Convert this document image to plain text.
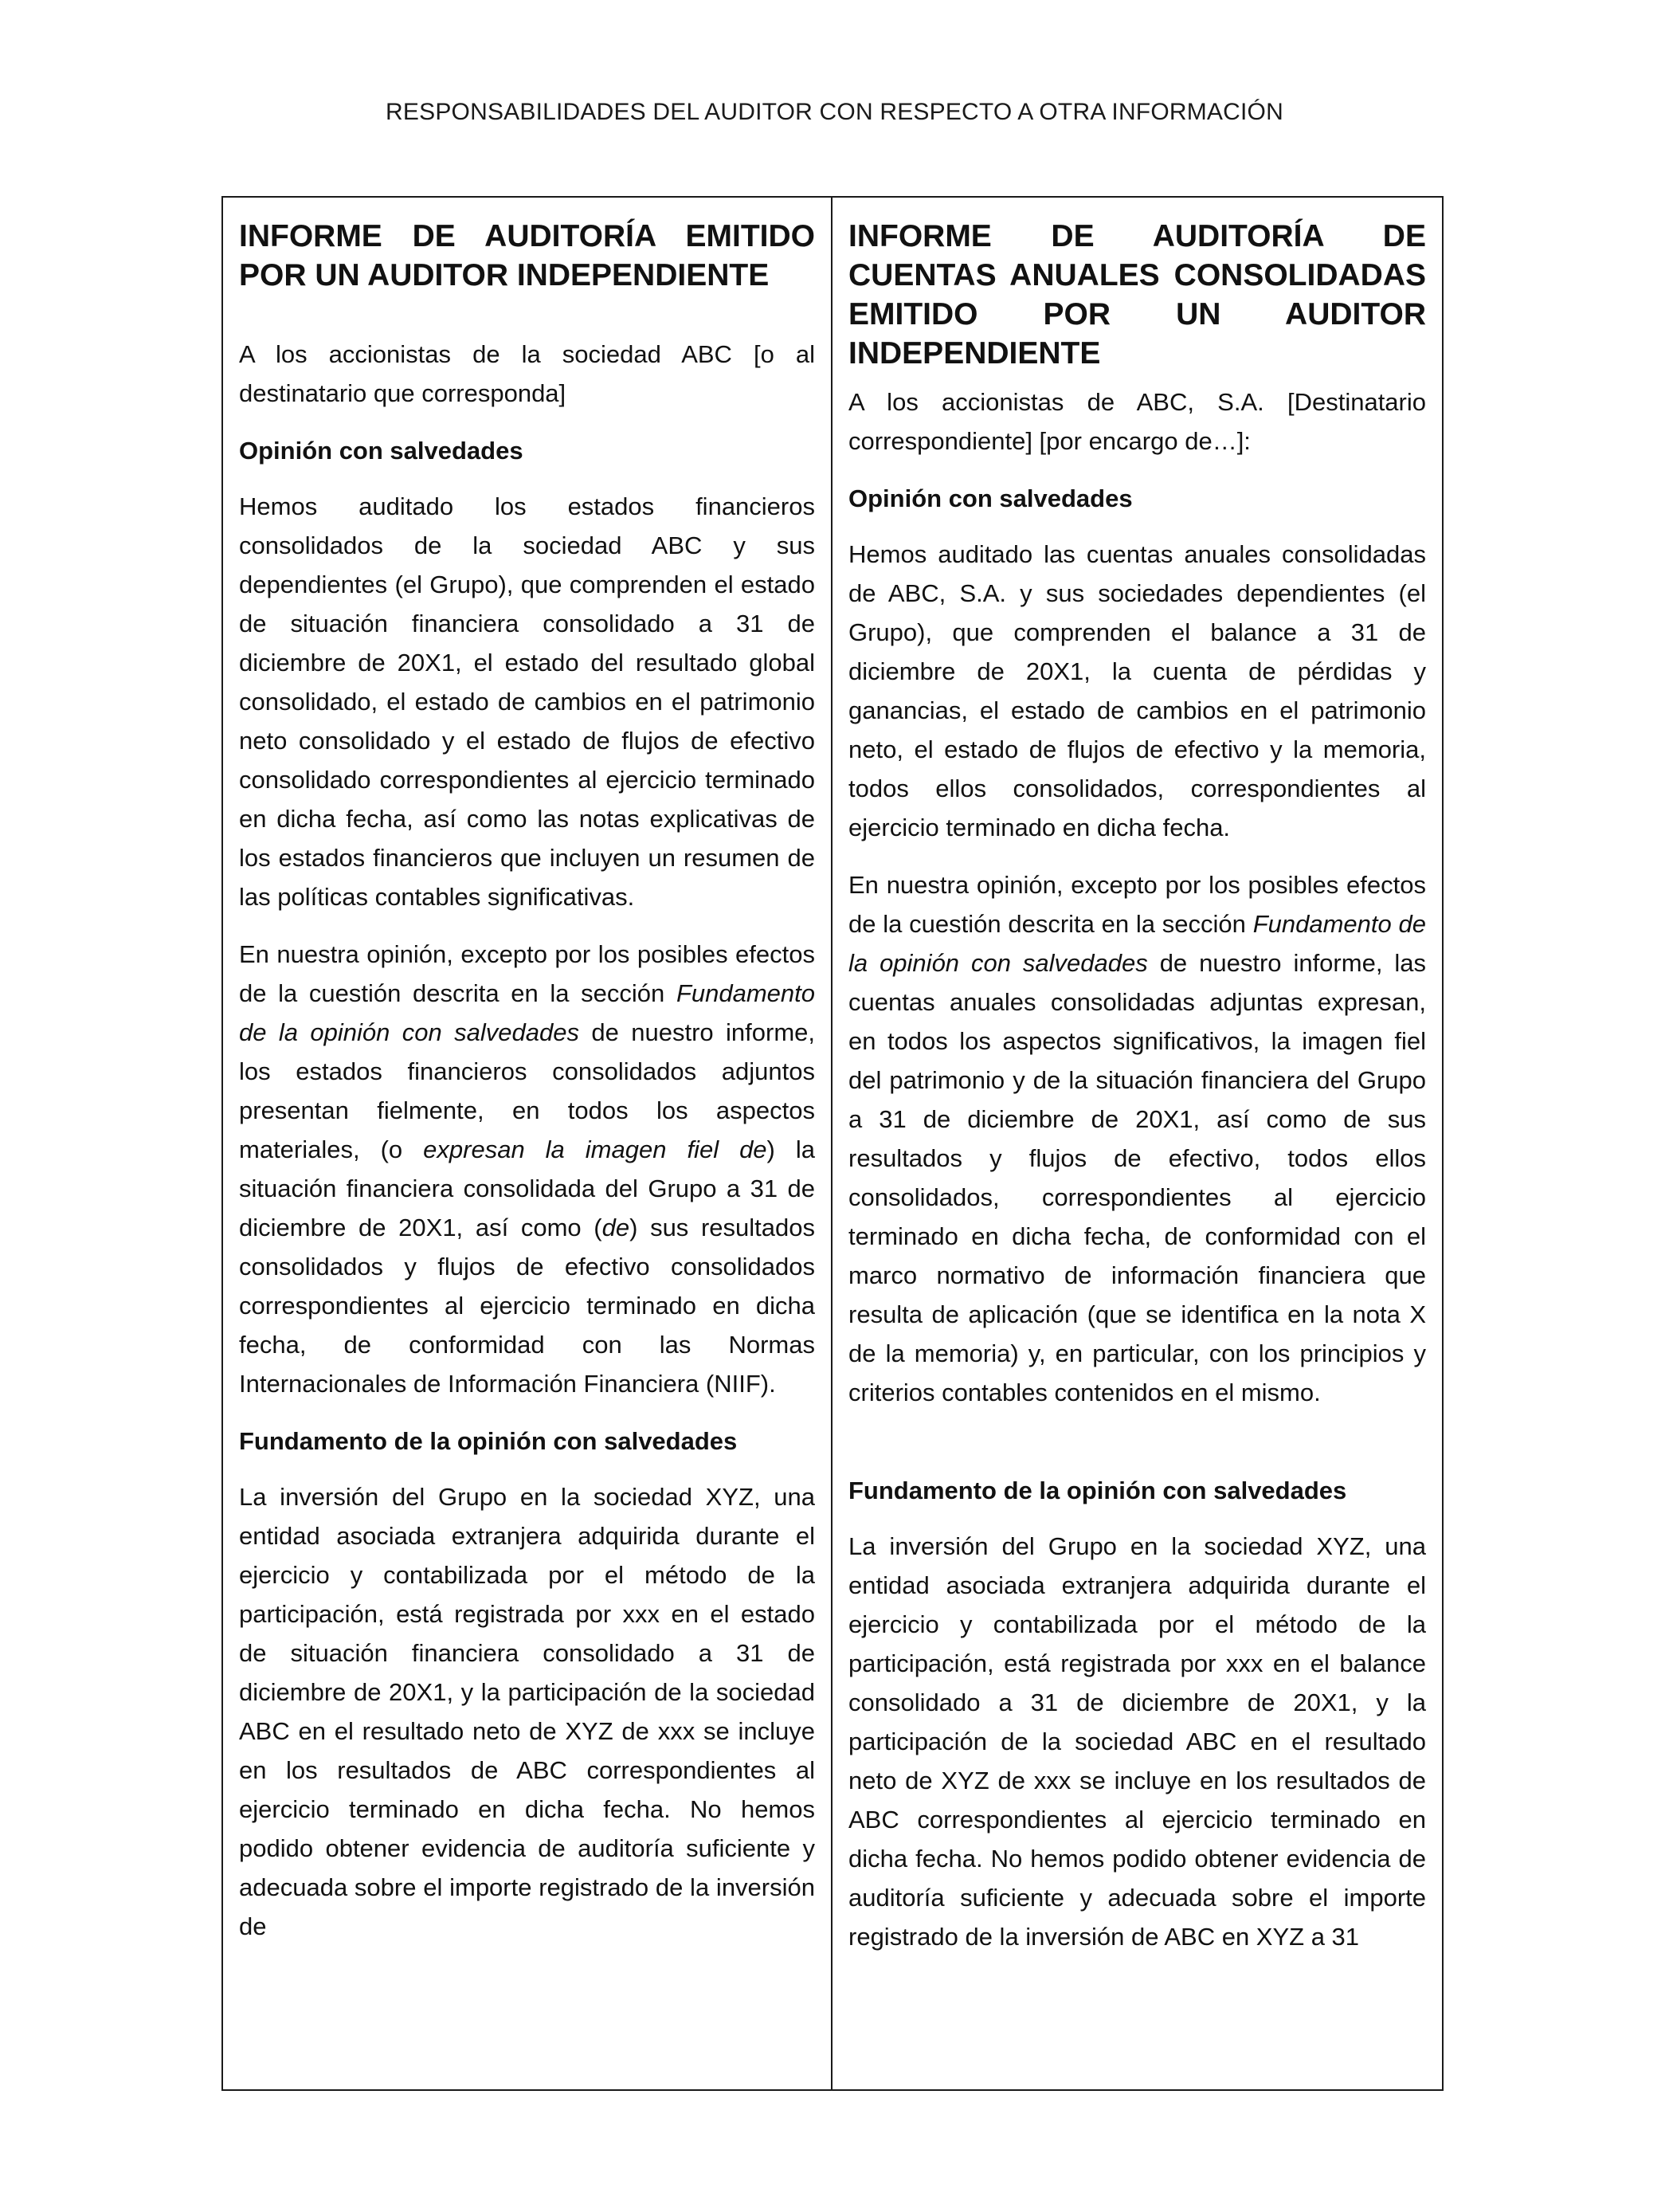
RESPONSABILIDADES DEL AUDITOR CON RESPECTO A OTRA INFORMACIÓN
INFORME DE AUDITORÍA EMITIDO POR UN AUDITOR INDEPENDIENTE

A los accionistas de la sociedad ABC [o al destinatario que corresponda]

Opinión con salvedades

Hemos auditado los estados financieros consolidados de la sociedad ABC y sus dependientes (el Grupo), que comprenden el estado de situación financiera consolidado a 31 de diciembre de 20X1, el estado del resultado global consolidado, el estado de cambios en el patrimonio neto consolidado y el estado de flujos de efectivo consolidado correspondientes al ejercicio terminado en dicha fecha, así como las notas explicativas de los estados financieros que incluyen un resumen de las políticas contables significativas.

En nuestra opinión, excepto por los posibles efectos de la cuestión descrita en la sección Fundamento de la opinión con salvedades de nuestro informe, los estados financieros consolidados adjuntos presentan fielmente, en todos los aspectos materiales, (o expresan la imagen fiel de) la situación financiera consolidada del Grupo a 31 de diciembre de 20X1, así como (de) sus resultados consolidados y flujos de efectivo consolidados correspondientes al ejercicio terminado en dicha fecha, de conformidad con las Normas Internacionales de Información Financiera (NIIF).

Fundamento de la opinión con salvedades

La inversión del Grupo en la sociedad XYZ, una entidad asociada extranjera adquirida durante el ejercicio y contabilizada por el método de la participación, está registrada por xxx en el estado de situación financiera consolidado a 31 de diciembre de 20X1, y la participación de la sociedad ABC en el resultado neto de XYZ de xxx se incluye en los resultados de ABC correspondientes al ejercicio terminado en dicha fecha. No hemos podido obtener evidencia de auditoría suficiente y adecuada sobre el importe registrado de la inversión de

INFORME DE AUDITORÍA DE CUENTAS ANUALES CONSOLIDADAS EMITIDO POR UN AUDITOR INDEPENDIENTE

A los accionistas de ABC, S.A. [Destinatario correspondiente] [por encargo de…]:

Opinión con salvedades

Hemos auditado las cuentas anuales consolidadas de ABC, S.A. y sus sociedades dependientes (el Grupo), que comprenden el balance a 31 de diciembre de 20X1, la cuenta de pérdidas y ganancias, el estado de cambios en el patrimonio neto, el estado de flujos de efectivo y la memoria, todos ellos consolidados, correspondientes al ejercicio terminado en dicha fecha.

En nuestra opinión, excepto por los posibles efectos de la cuestión descrita en la sección Fundamento de la opinión con salvedades de nuestro informe, las cuentas anuales consolidadas adjuntas expresan, en todos los aspectos significativos, la imagen fiel del patrimonio y de la situación financiera del Grupo a 31 de diciembre de 20X1, así como de sus resultados y flujos de efectivo, todos ellos consolidados, correspondientes al ejercicio terminado en dicha fecha, de conformidad con el marco normativo de información financiera que resulta de aplicación (que se identifica en la nota X de la memoria) y, en particular, con los principios y criterios contables contenidos en el mismo.

Fundamento de la opinión con salvedades

La inversión del Grupo en la sociedad XYZ, una entidad asociada extranjera adquirida durante el ejercicio y contabilizada por el método de la participación, está registrada por xxx en el balance consolidado a 31 de diciembre de 20X1, y la participación de la sociedad ABC en el resultado neto de XYZ de xxx se incluye en los resultados de ABC correspondientes al ejercicio terminado en dicha fecha. No hemos podido obtener evidencia de auditoría suficiente y adecuada sobre el importe registrado de la inversión de ABC en XYZ a 31
